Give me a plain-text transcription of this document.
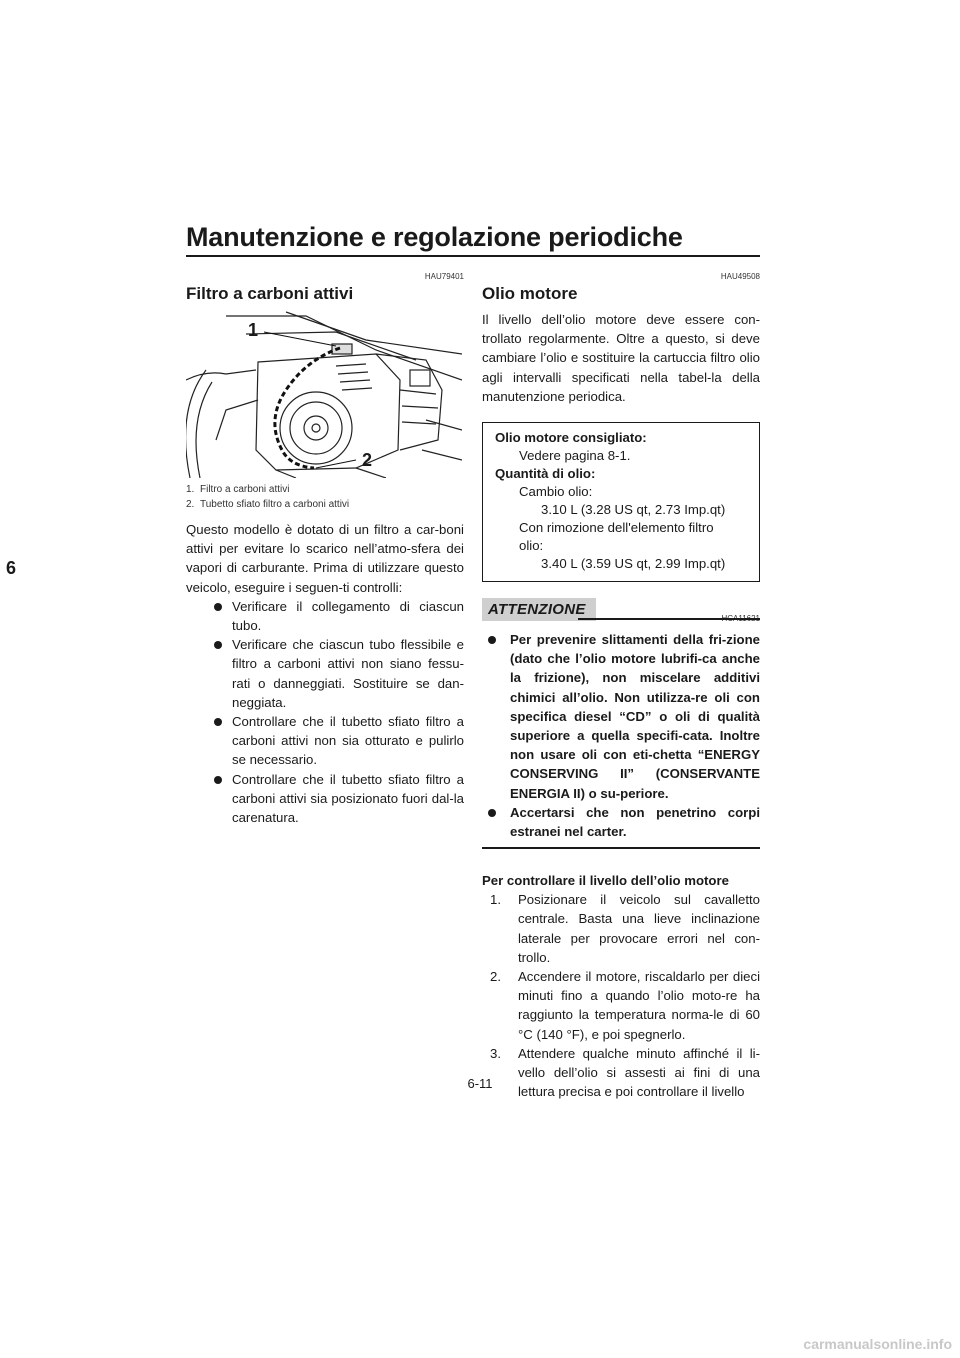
Manutenzione e regolazione periodiche
6
HAU79401
Filtro a carboni attivi
1
2
1. Filtro a carboni attivi
2. Tubetto sfiato filtro a carboni attivi

Questo modello è dotato di un filtro a car-boni attivi per evitare lo scarico nell’atmo-sfera dei vapori di carburante. Prima di utilizzare questo veicolo, eseguire i seguen-ti controlli:

Verificare il collegamento di ciascun tubo.
Verificare che ciascun tubo flessibile e filtro a carboni attivi non siano fessu-rati o danneggiati. Sostituire se dan-neggiata.
Controllare che il tubetto sfiato filtro a carboni attivi non sia otturato e pulirlo se necessario.
Controllare che il tubetto sfiato filtro a carboni attivi sia posizionato fuori dal-la carenatura.
HAU49508
Olio motore

Il livello dell’olio motore deve essere con-trollato regolarmente. Oltre a questo, si deve cambiare l’olio e sostituire la cartuccia filtro olio agli intervalli specificati nella tabel-la della manutenzione periodica.

Olio motore consigliato:
Vedere pagina 8-1.
Quantità di olio:
Cambio olio:
3.10 L (3.28 US qt, 2.73 Imp.qt)
Con rimozione dell'elemento filtro
olio:
3.40 L (3.59 US qt, 2.99 Imp.qt)
ATTENZIONE
Per prevenire slittamenti della fri-zione (dato che l’olio motore lubrifi-ca anche la frizione), non miscelare additivi chimici all’olio. Non utilizza-re oli con specifica diesel “CD” o oli di qualità superiore a quella specifi-cata. Inoltre non usare oli con eti-chetta “ENERGY CONSERVING II” (CONSERVANTE ENERGIA II) o su-periore.
Accertarsi che non penetrino corpi estranei nel carter.
Per controllare il livello dell’olio motore
1. Posizionare il veicolo sul cavalletto centrale. Basta una lieve inclinazione laterale per provocare errori nel con-trollo.
2. Accendere il motore, riscaldarlo per dieci minuti fino a quando l’olio moto-re ha raggiunto la temperatura norma-le di 60 °C (140 °F), e poi spegnerlo.
3. Attendere qualche minuto affinché il li-vello dell’olio si assesti ai fini di una lettura precisa e poi controllare il livello
6-11
carmanualsonline.info
